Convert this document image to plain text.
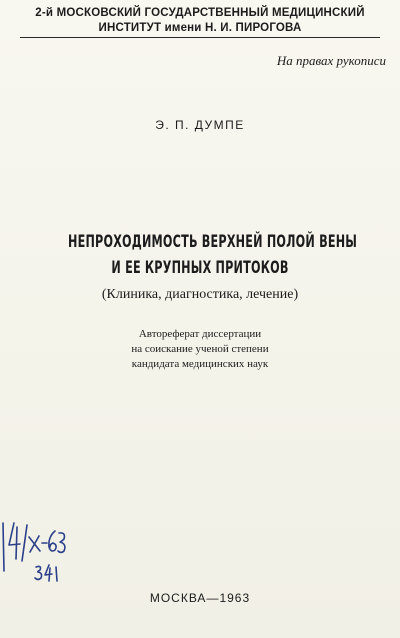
2-й МОСКОВСКИЙ ГОСУДАРСТВЕННЫЙ МЕДИЦИНСКИЙ
ИНСТИТУТ имени Н. И. ПИРОГОВА
На правах рукописи
Э. П. ДУМПЕ
НЕПРОХОДИМОСТЬ ВЕРХНЕЙ ПОЛОЙ ВЕНЫ
И ЕЕ КРУПНЫХ ПРИТОКОВ
(Клиника, диагностика, лечение)
Автореферат диссертации
на соискание ученой степени
кандидата медицинских наук
МОСКВА—1963
